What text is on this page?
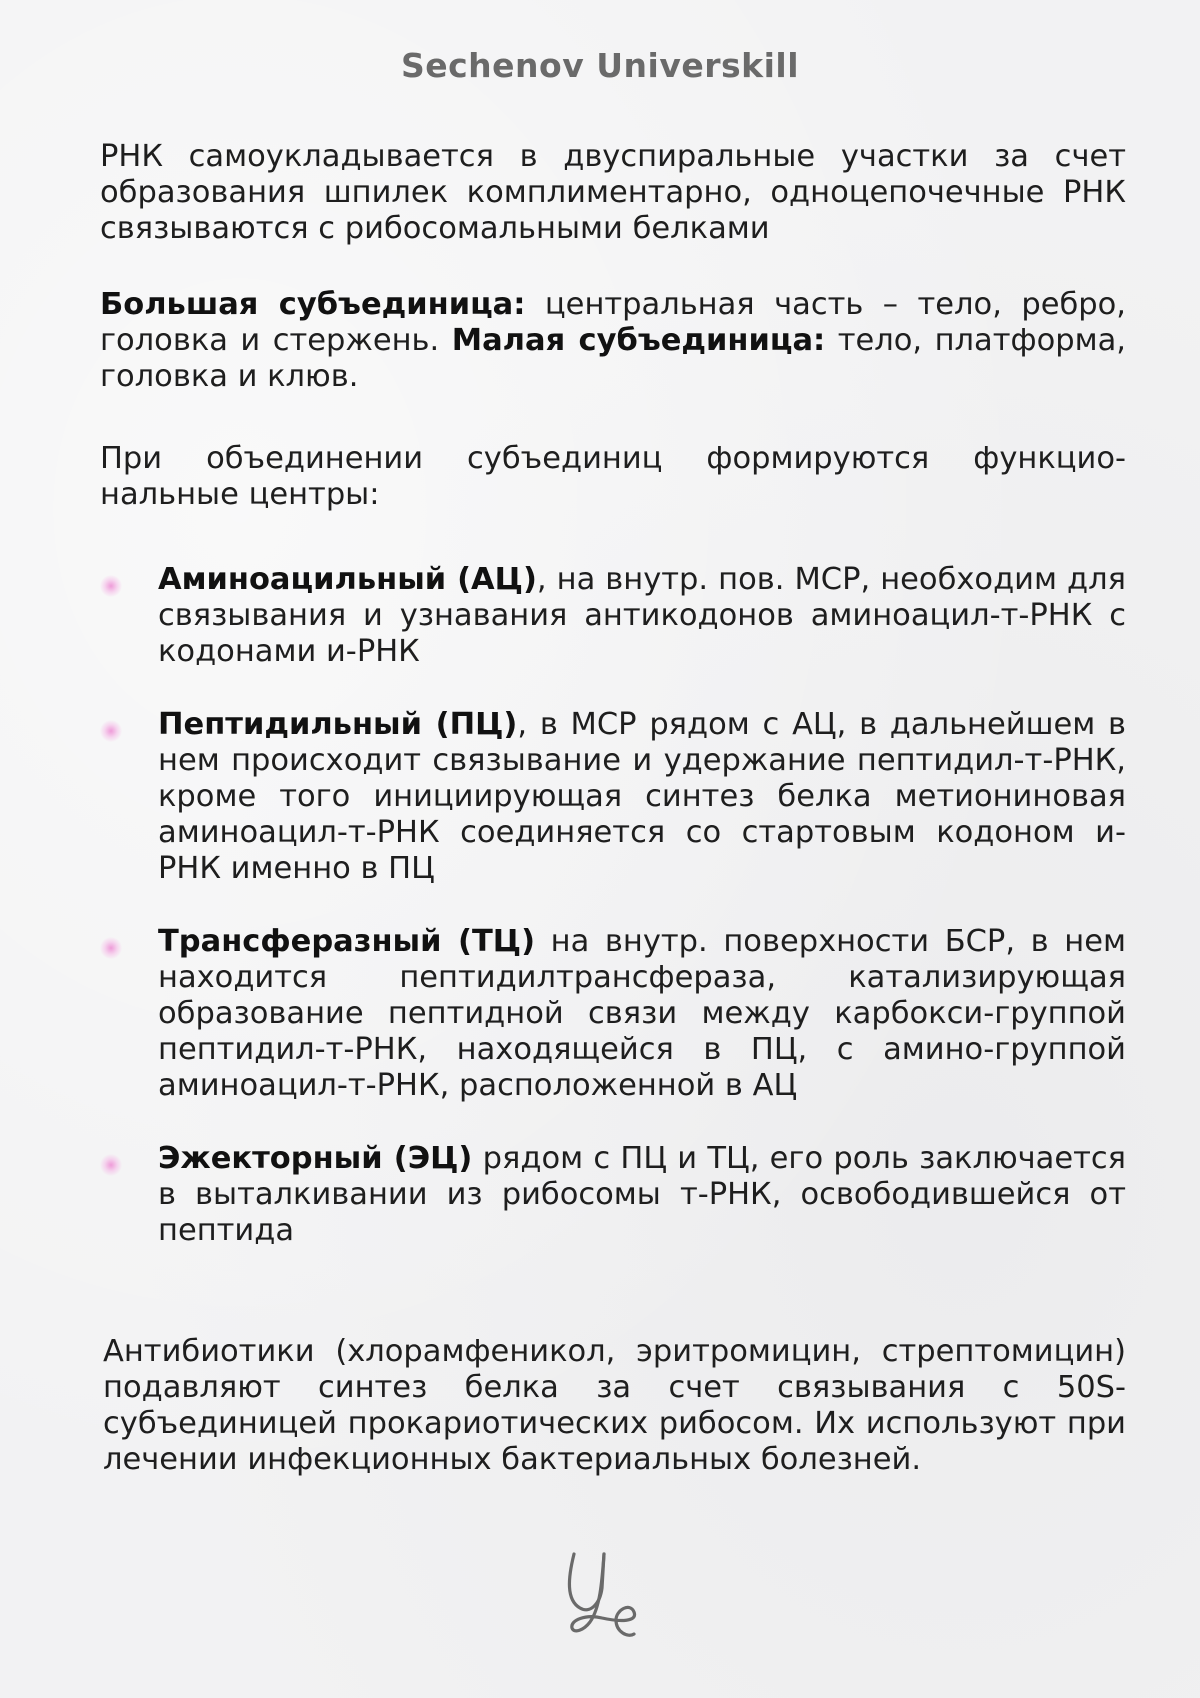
Sechenov Universkill

РНК самоукладывается в двуспиральные участки за счет образования шпилек комплиментарно, одноцепочечные РНК связываются с рибосомальными белками

Большая субъединица: центральная часть – тело, ребро, головка и стержень. Малая субъединица: тело, платформа, головка и клюв.

При объединении субъединиц формируются функцио-нальные центры:

Аминоацильный (АЦ), на внутр. пов. МСР, необходим для связывания и узнавания антикодонов аминоацил-т-РНК с кодонами и-РНК
Пептидильный (ПЦ), в МСР рядом с АЦ, в дальнейшем в нем происходит связывание и удержание пептидил-т-РНК, кроме того инициирующая синтез белка метиониновая аминоацил-т-РНК соединяется со стартовым кодоном и-РНК именно в ПЦ
Трансферазный (ТЦ) на внутр. поверхности БСР, в нем находится пептидилтрансфераза, катализирующая образование пептидной связи между карбокси-группой пептидил-т-РНК, находящейся в ПЦ, с амино-группой аминоацил-т-РНК, расположенной в АЦ
Эжекторный (ЭЦ) рядом с ПЦ и ТЦ, его роль заключается в выталкивании из рибосомы т-РНК, освободившейся от пептида

Антибиотики (хлорамфеникол, эритромицин, стрептомицин) подавляют синтез белка за счет связывания с 50S-субъединицей прокариотических рибосом. Их используют при лечении инфекционных бактериальных болезней.
